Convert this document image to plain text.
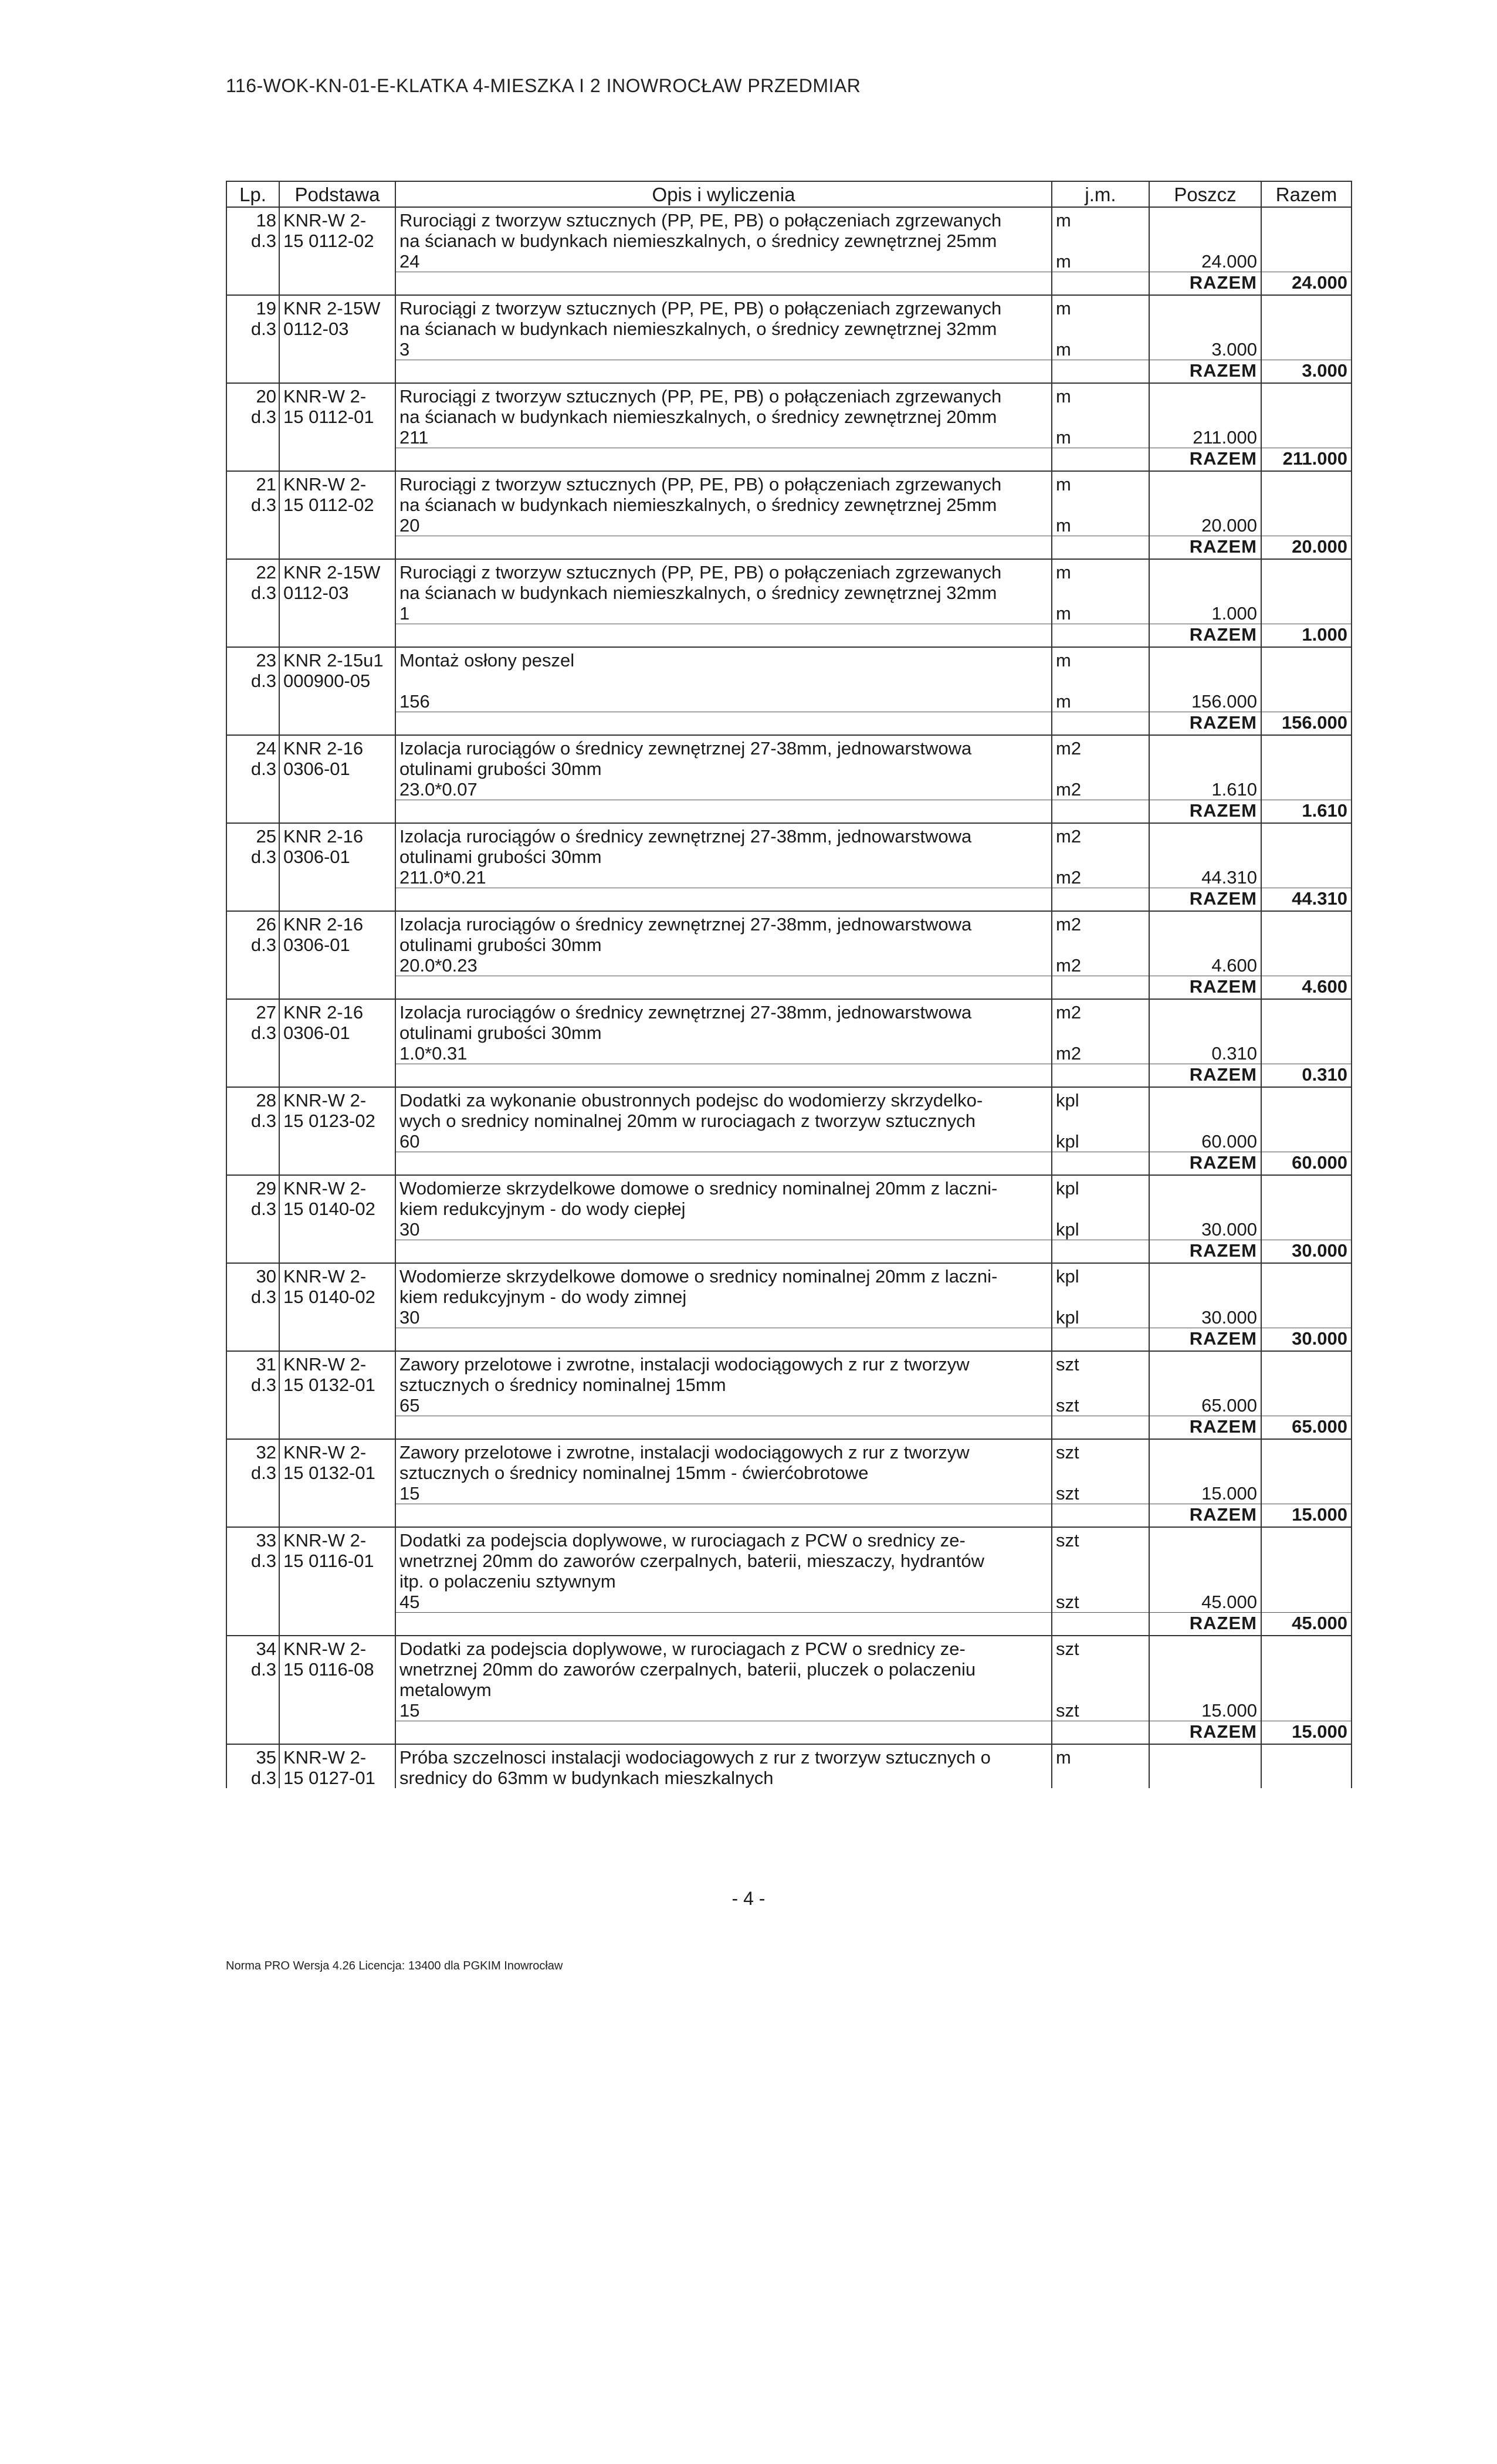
116-WOK-KN-01-E-KLATKA 4-MIESZKA I 2 INOWROCŁAW PRZEDMIAR
Lp.	Podstawa	Opis i wyliczenia	j.m.	Poszcz	Razem
18	KNR-W 2-	Rurociągi z tworzyw sztucznych (PP, PE, PB) o połączeniach zgrzewanych	m		
d.3	15 0112-02	na ścianach w budynkach niemieszkalnych, o średnicy zewnętrznej 25mm			
		24	m	24.000	
				RAZEM	24.000
19	KNR 2-15W	Rurociągi z tworzyw sztucznych (PP, PE, PB) o połączeniach zgrzewanych	m		
d.3	0112-03	na ścianach w budynkach niemieszkalnych, o średnicy zewnętrznej 32mm			
		3	m	3.000	
				RAZEM	3.000
20	KNR-W 2-	Rurociągi z tworzyw sztucznych (PP, PE, PB) o połączeniach zgrzewanych	m		
d.3	15 0112-01	na ścianach w budynkach niemieszkalnych, o średnicy zewnętrznej 20mm			
		211	m	211.000	
				RAZEM	211.000
21	KNR-W 2-	Rurociągi z tworzyw sztucznych (PP, PE, PB) o połączeniach zgrzewanych	m		
d.3	15 0112-02	na ścianach w budynkach niemieszkalnych, o średnicy zewnętrznej 25mm			
		20	m	20.000	
				RAZEM	20.000
22	KNR 2-15W	Rurociągi z tworzyw sztucznych (PP, PE, PB) o połączeniach zgrzewanych	m		
d.3	0112-03	na ścianach w budynkach niemieszkalnych, o średnicy zewnętrznej 32mm			
		1	m	1.000	
				RAZEM	1.000
23	KNR 2-15u1	Montaż osłony peszel	m		
d.3	000900-05				
		156	m	156.000	
				RAZEM	156.000
24	KNR 2-16	Izolacja rurociągów o średnicy zewnętrznej 27-38mm, jednowarstwowa	m2		
d.3	0306-01	otulinami grubości 30mm			
		23.0*0.07	m2	1.610	
				RAZEM	1.610
25	KNR 2-16	Izolacja rurociągów o średnicy zewnętrznej 27-38mm, jednowarstwowa	m2		
d.3	0306-01	otulinami grubości 30mm			
		211.0*0.21	m2	44.310	
				RAZEM	44.310
26	KNR 2-16	Izolacja rurociągów o średnicy zewnętrznej 27-38mm, jednowarstwowa	m2		
d.3	0306-01	otulinami grubości 30mm			
		20.0*0.23	m2	4.600	
				RAZEM	4.600
27	KNR 2-16	Izolacja rurociągów o średnicy zewnętrznej 27-38mm, jednowarstwowa	m2		
d.3	0306-01	otulinami grubości 30mm			
		1.0*0.31	m2	0.310	
				RAZEM	0.310
28	KNR-W 2-	Dodatki za wykonanie obustronnych podejsc do wodomierzy skrzydelko-	kpl		
d.3	15 0123-02	wych o srednicy nominalnej 20mm w rurociagach z tworzyw sztucznych			
		60	kpl	60.000	
				RAZEM	60.000
29	KNR-W 2-	Wodomierze skrzydelkowe domowe o srednicy nominalnej 20mm z laczni-	kpl		
d.3	15 0140-02	kiem redukcyjnym - do wody ciepłej			
		30	kpl	30.000	
				RAZEM	30.000
30	KNR-W 2-	Wodomierze skrzydelkowe domowe o srednicy nominalnej 20mm z laczni-	kpl		
d.3	15 0140-02	kiem redukcyjnym - do wody zimnej			
		30	kpl	30.000	
				RAZEM	30.000
31	KNR-W 2-	Zawory przelotowe i zwrotne, instalacji wodociągowych z rur z tworzyw	szt		
d.3	15 0132-01	sztucznych o średnicy nominalnej 15mm			
		65	szt	65.000	
				RAZEM	65.000
32	KNR-W 2-	Zawory przelotowe i zwrotne, instalacji wodociągowych z rur z tworzyw	szt		
d.3	15 0132-01	sztucznych o średnicy nominalnej 15mm - ćwierćobrotowe			
		15	szt	15.000	
				RAZEM	15.000
33	KNR-W 2-	Dodatki za podejscia doplywowe, w rurociagach z PCW o srednicy ze-	szt		
d.3	15 0116-01	wnetrznej 20mm do zaworów czerpalnych, baterii, mieszaczy, hydrantów			
		itp. o polaczeniu sztywnym			
		45	szt	45.000	
				RAZEM	45.000
34	KNR-W 2-	Dodatki za podejscia doplywowe, w rurociagach z PCW o srednicy ze-	szt		
d.3	15 0116-08	wnetrznej 20mm do zaworów czerpalnych, baterii, pluczek o polaczeniu			
		metalowym			
		15	szt	15.000	
				RAZEM	15.000
35	KNR-W 2-	Próba szczelnosci instalacji wodociagowych z rur z tworzyw sztucznych o	m		
d.3	15 0127-01	srednicy do 63mm w budynkach mieszkalnych			
- 4 -
Norma PRO Wersja 4.26 Licencja: 13400 dla PGKIM Inowrocław
